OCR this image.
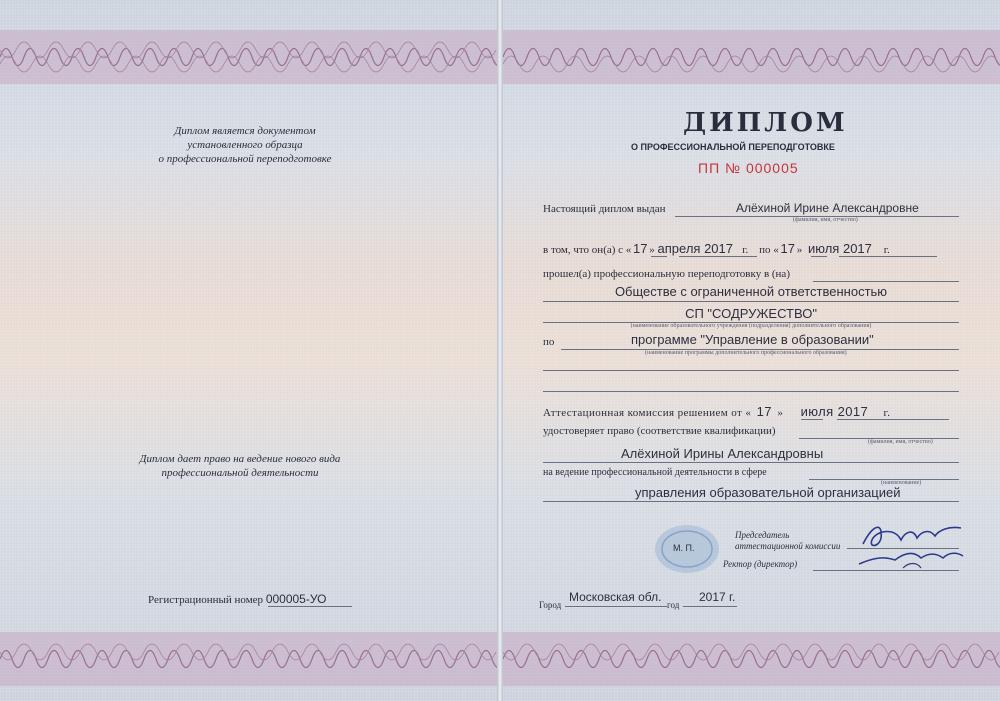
Диплом является документом
установленного образца
о профессиональной переподготовке
Диплом дает право на ведение нового вида
профессиональной деятельности
Регистрационный номер 000005-УО
ДИПЛОМ
О ПРОФЕССИОНАЛЬНОЙ ПЕРЕПОДГОТОВКЕ
ПП № 000005
Настоящий диплом выдан	Алёхиной Ирине Александровне
(фамилия, имя, отчество)
в том, что он(а) с « 17 » апреля 2017 г. по « 17 » июля 2017 г.
прошел(а) профессиональную переподготовку в (на)
Обществе с ограниченной ответственностью
СП "СОДРУЖЕСТВО"
(наименование образовательного учреждения (подразделения) дополнительного образования)
по	программе "Управление в образовании"
(наименование программы дополнительного профессионального образования)
Аттестационная комиссия решением от « 17 » июля 2017 г.
удостоверяет право (соответствие квалификации)
(фамилия, имя, отчество)
Алёхиной Ирины Александровны
на ведение профессиональной деятельности в сфере
(наименование)
управления образовательной организацией
М. П.
Председатель
аттестационной комиссии
Ректор (директор)
Город
Московская обл.
год
2017 г.
